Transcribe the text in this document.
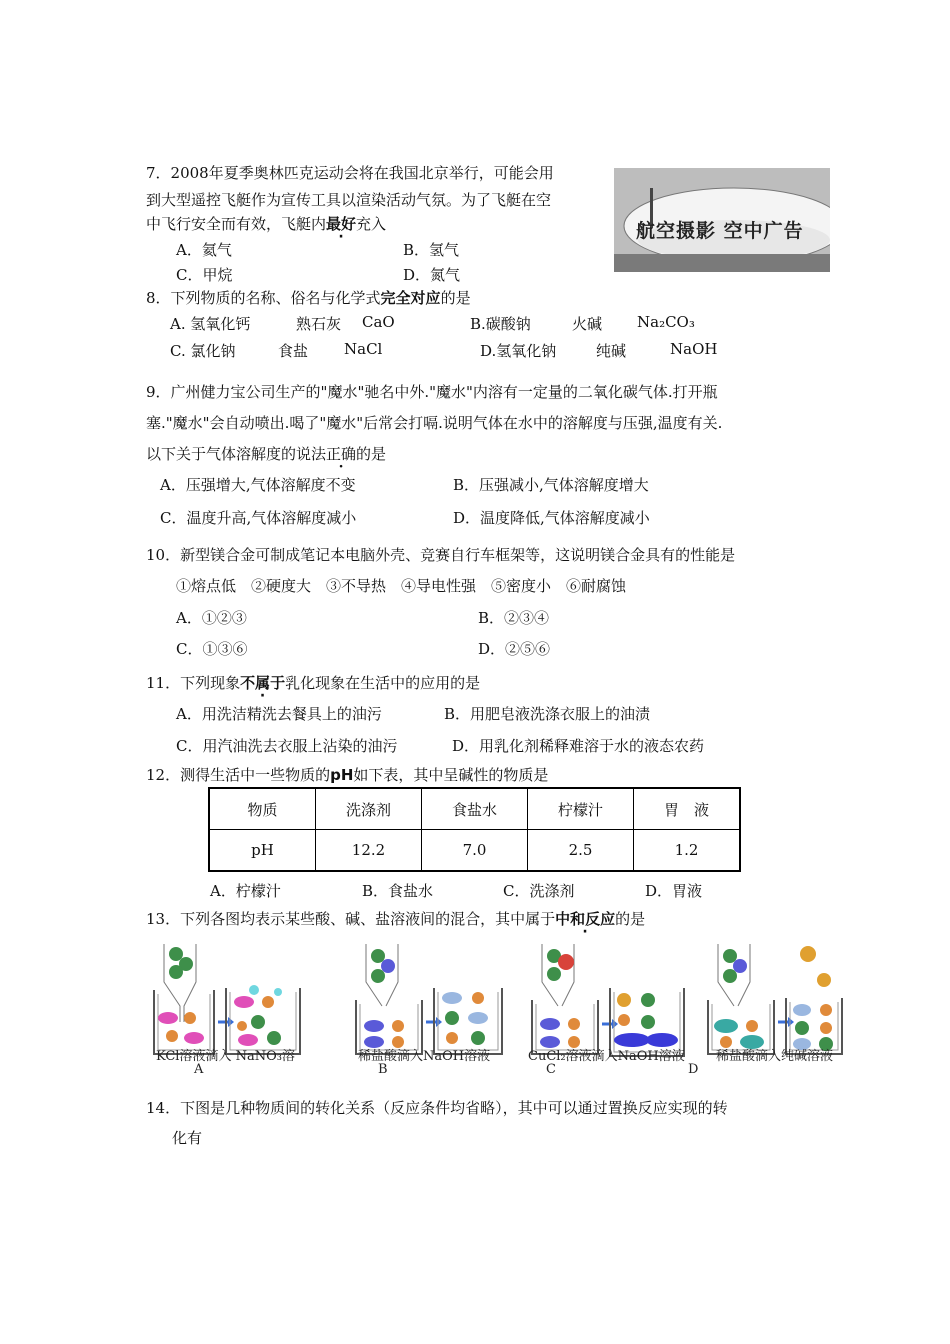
7．2008年夏季奥林匹克运动会将在我国北京举行，可能会用
到大型遥控飞艇作为宣传工具以渲染活动气氛。为了飞艇在空
中飞行安全而有效，飞艇内最好充入
A．氦气	B．氢气
C．甲烷	D．氮气
航空摄影 空中广告
8．下列物质的名称、俗名与化学式完全对应的是
A. 氢氧化钙	熟石灰 CaO	B.碳酸钠	火碱 Na₂CO₃
C. 氯化钠	食盐 NaCl	D.氢氧化钠	纯碱	NaOH
9．广州健力宝公司生产的"魔水"驰名中外."魔水"内溶有一定量的二氧化碳气体.打开瓶
塞."魔水"会自动喷出.喝了"魔水"后常会打嗝.说明气体在水中的溶解度与压强,温度有关.
以下关于气体溶解度的说法正确的是
A．压强增大,气体溶解度不变	B．压强减小,气体溶解度增大
C．温度升高,气体溶解度减小	D．温度降低,气体溶解度减小
10．新型镁合金可制成笔记本电脑外壳、竞赛自行车框架等，这说明镁合金具有的性能是
①熔点低　②硬度大　③不导热　④导电性强　⑤密度小　⑥耐腐蚀
A．①②③	B．②③④
C．①③⑥	D．②⑤⑥
11．下列现象不属于乳化现象在生活中的应用的是
A．用洗洁精洗去餐具上的油污	B．用肥皂液洗涤衣服上的油渍
C．用汽油洗去衣服上沾染的油污	D．用乳化剂稀释难溶于水的液态农药
12．测得生活中一些物质的pH如下表，其中呈碱性的物质是
物质	洗涤剂	食盐水	柠檬汁	胃　液
pH	12.2	7.0	2.5	1.2
A．柠檬汁	B．食盐水	C．洗涤剂	D．胃液
13．下列各图均表示某些酸、碱、盐溶液间的混合，其中属于中和反应的是
KCl溶液滴入 NaNO₃溶
A
稀盐酸滴入NaOH溶液
B
CuCl₂溶液滴入NaOH溶液
C
稀盐酸滴入纯碱溶液
D
14．下图是几种物质间的转化关系（反应条件均省略），其中可以通过置换反应实现的转
化有
